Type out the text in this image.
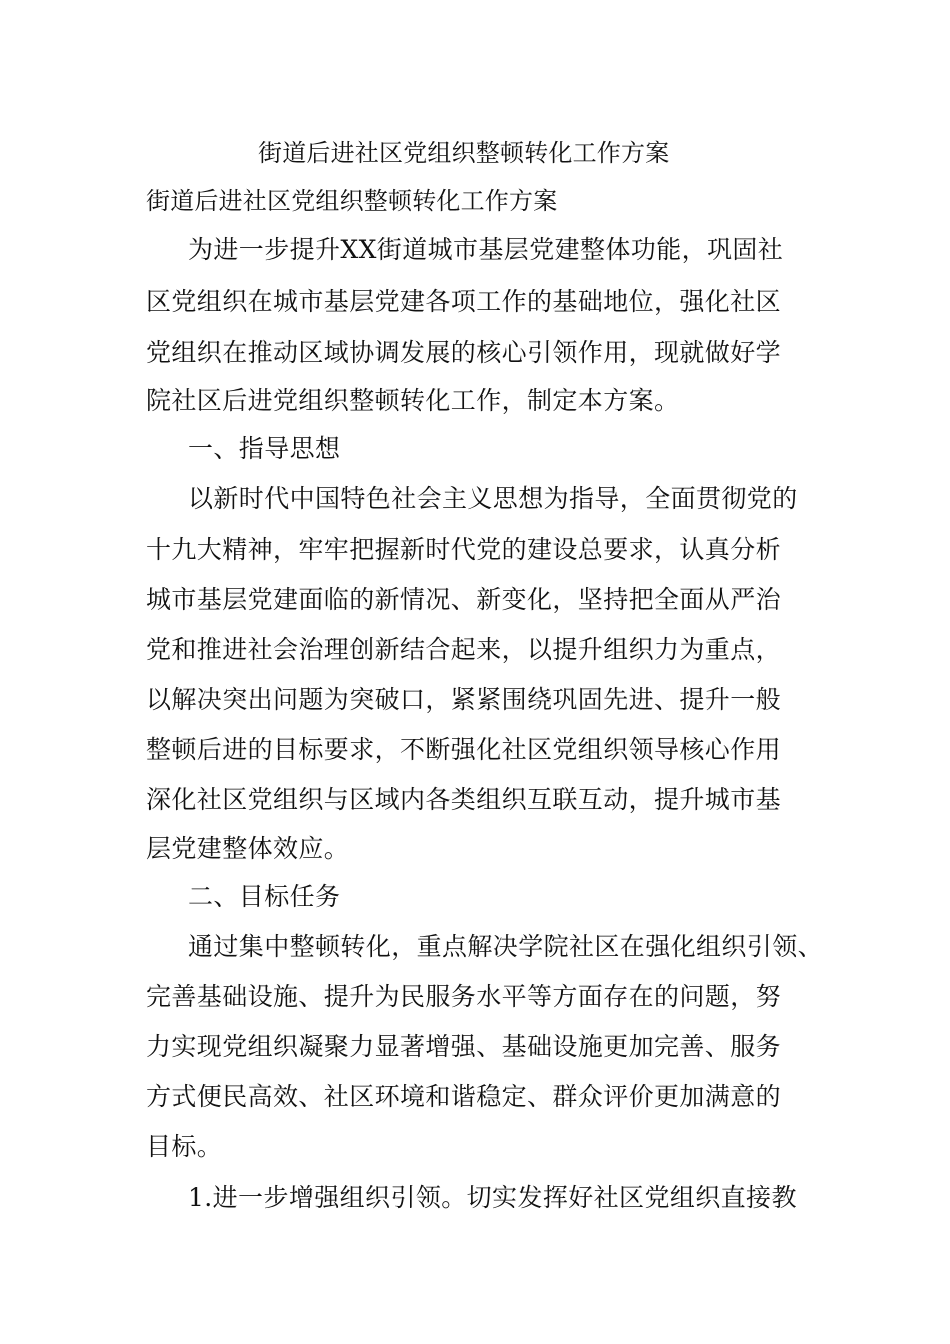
街道后进社区党组织整顿转化工作方案
街道后进社区党组织整顿转化工作方案
为进一步提升XX街道城市基层党建整体功能，巩固社
区党组织在城市基层党建各项工作的基础地位，强化社区
党组织在推动区域协调发展的核心引领作用，现就做好学
院社区后进党组织整顿转化工作，制定本方案。
一、指导思想
以新时代中国特色社会主义思想为指导，全面贯彻党的
十九大精神，牢牢把握新时代党的建设总要求，认真分析
城市基层党建面临的新情况、新变化，坚持把全面从严治
党和推进社会治理创新结合起来，以提升组织力为重点，
以解决突出问题为突破口，紧紧围绕巩固先进、提升一般
整顿后进的目标要求，不断强化社区党组织领导核心作用
深化社区党组织与区域内各类组织互联互动，提升城市基
层党建整体效应。
二、目标任务
通过集中整顿转化，重点解决学院社区在强化组织引领、
完善基础设施、提升为民服务水平等方面存在的问题，努
力实现党组织凝聚力显著增强、基础设施更加完善、服务
方式便民高效、社区环境和谐稳定、群众评价更加满意的
目标。
1.进一步增强组织引领。切实发挥好社区党组织直接教
